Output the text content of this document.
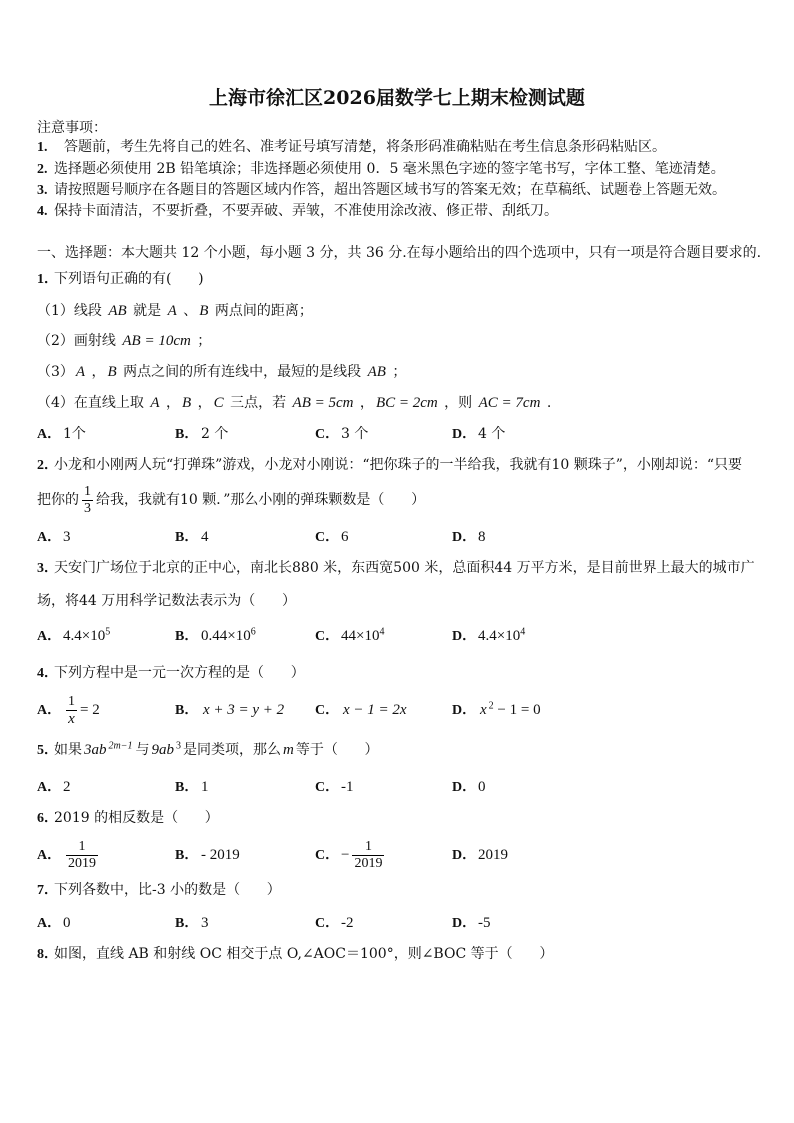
上海市徐汇区2026届数学七上期末检测试题
注意事项：
1. 答题前，考生先将自己的姓名、准考证号填写清楚，将条形码准确粘贴在考生信息条形码粘贴区。
2. 选择题必须使用 2B 铅笔填涂；非选择题必须使用 0．5 毫米黑色字迹的签字笔书写，字体工整、笔迹清楚。
3. 请按照题号顺序在各题目的答题区域内作答，超出答题区域书写的答案无效；在草稿纸、试题卷上答题无效。
4. 保持卡面清洁，不要折叠，不要弄破、弄皱，不准使用涂改液、修正带、刮纸刀。
一、选择题：本大题共 12 个小题，每小题 3 分，共 36 分.在每小题给出的四个选项中，只有一项是符合题目要求的.
1．下列语句正确的有(      )
（1）线段 AB 就是 A 、 B 两点间的距离；
（2）画射线 AB = 10cm ；
（3） A ， B 两点之间的所有连线中，最短的是线段 AB ；
（4）在直线上取 A ， B ， C 三点，若 AB = 5cm ， BC = 2cm ，则 AC = 7cm .
A． 1个	B． 2 个	C． 3 个	D． 4 个
2．小龙和小刚两人玩“打弹珠”游戏，小龙对小刚说：“把你珠子的一半给我，我就有10 颗珠子”，小刚却说：“只要
把你的 $\frac{1}{3}$ 给我，我就有10 颗．”那么小刚的弹珠颗数是（      ）
A． 3	B． 4	C． 6	D． 8
3．天安门广场位于北京的正中心，南北长880 米，东西宽500 米，总面积44 万平方米，是目前世界上最大的城市广
场，将44 万用科学记数法表示为（      ）
A． $4.4\times 10^5$	B． $0.44\times 10^6$	C． $44\times 10^4$	D． $4.4\times 10^4$
4．下列方程中是一元一次方程的是（      ）
A． $\frac{1}{x} = 2$	B． x + 3 = y + 2 C． x − 1 = 2x	D． x $^2$ − 1 = 0
5．如果 3ab $^{2m-1}$ 与 9ab $^3$ 是同类项，那么 m 等于（      ）
A． 2	B． 1	C． -1	D． 0
6．2019 的相反数是（      ）
A． $\frac{1}{2019}$	B． - 2019	C． − $\frac{1}{2019}$	D． 2019
7．下列各数中，比-3 小的数是（      ）
A． 0	B． 3	C． -2	D． -5
8．如图，直线 AB 和射线 OC 相交于点 O,∠AOC＝100°，则∠BOC 等于（      ）
